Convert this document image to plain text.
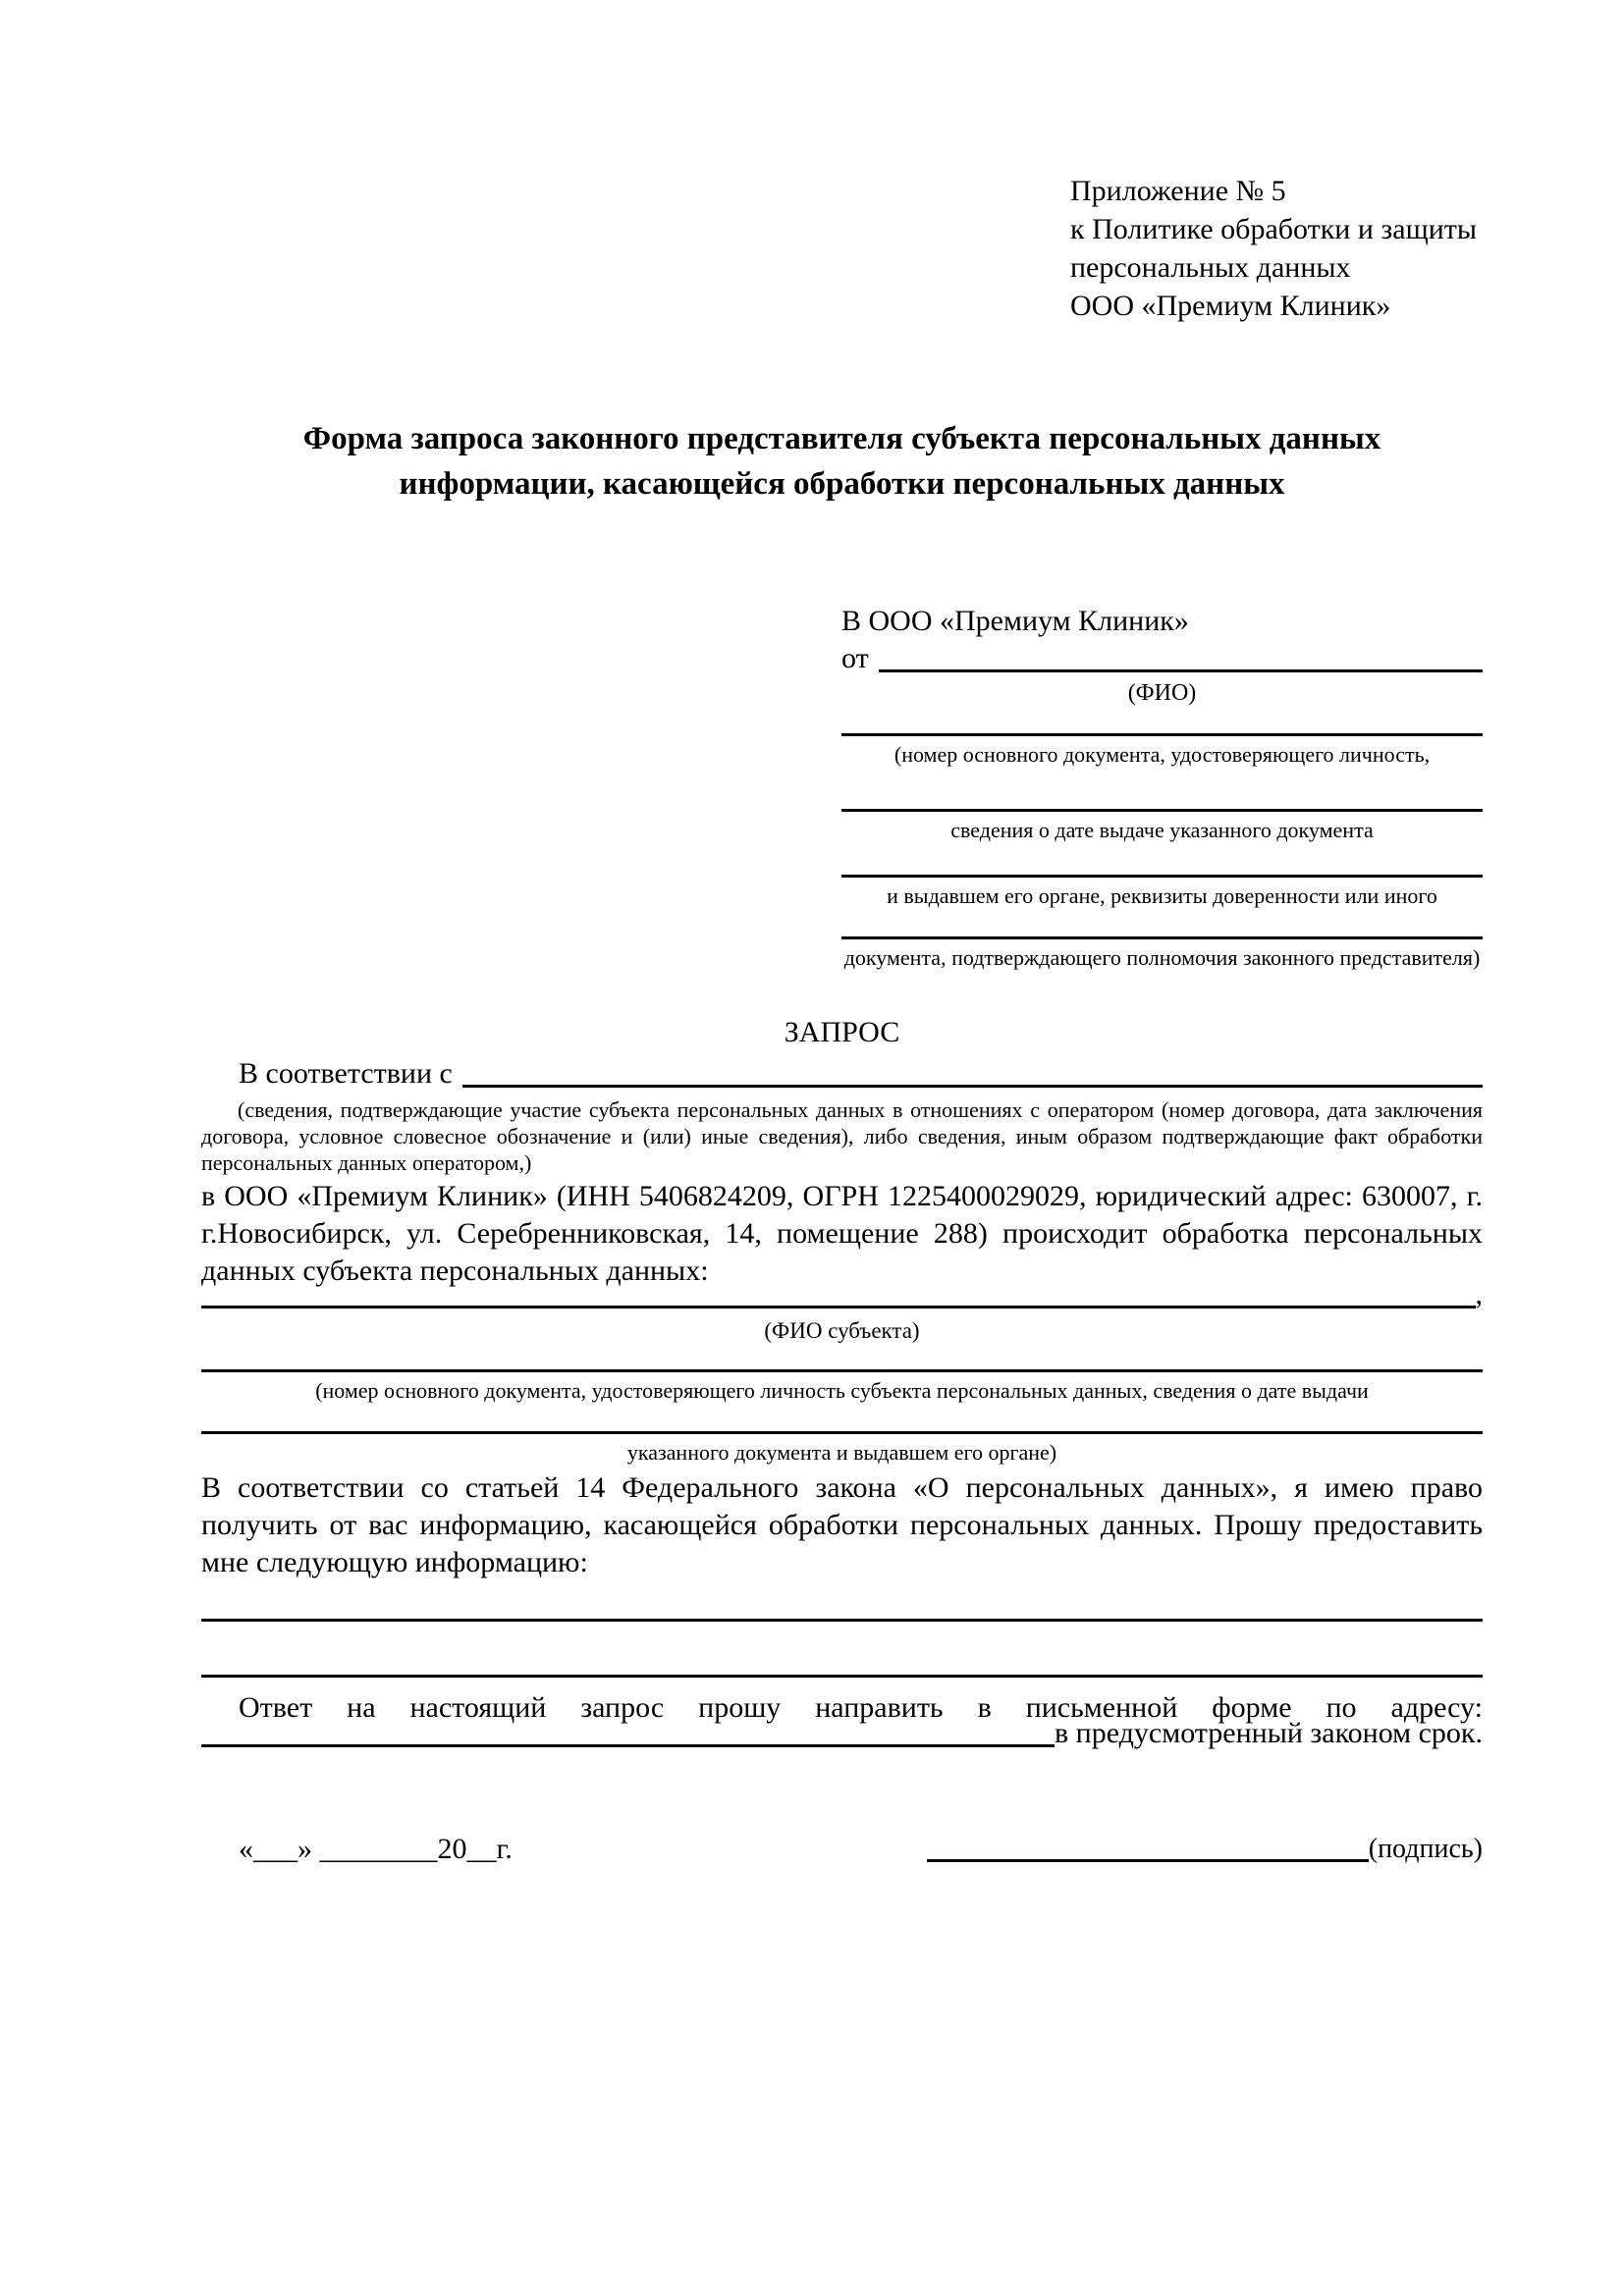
Приложение № 5
к Политике обработки и защиты
персональных данных
ООО «Премиум Клиник»
Форма запроса законного представителя субъекта персональных данных
информации, касающейся обработки персональных данных
В ООО «Премиум Клиник»
от
(ФИО)
(номер основного документа, удостоверяющего личность,
сведения о дате выдаче указанного документа
и выдавшем его органе, реквизиты доверенности или иного
документа, подтверждающего полномочия законного представителя)
ЗАПРОС
В соответствии с
(сведения, подтверждающие участие субъекта персональных данных в отношениях с оператором (номер договора, дата заключения договора, условное словесное обозначение и (или) иные сведения), либо сведения, иным образом подтверждающие факт обработки персональных данных оператором,)

в ООО «Премиум Клиник» (ИНН 5406824209, ОГРН 1225400029029, юридический адрес: 630007, г. г.Новосибирск, ул. Серебренниковская, 14, помещение 288) происходит обработка персональных данных субъекта персональных данных:

,
(ФИО субъекта)
(номер основного документа, удостоверяющего личность субъекта персональных данных, сведения о дате выдачи
указанного документа и выдавшем его органе)

В соответствии со статьей 14 Федерального закона «О персональных данных», я имею право получить от вас информацию, касающейся обработки персональных данных. Прошу предоставить мне следующую информацию:

Ответ на настоящий запрос прошу направить в письменной форме по адресу:
в предусмотренный законом срок.
«___» ________20__г.	(подпись)
